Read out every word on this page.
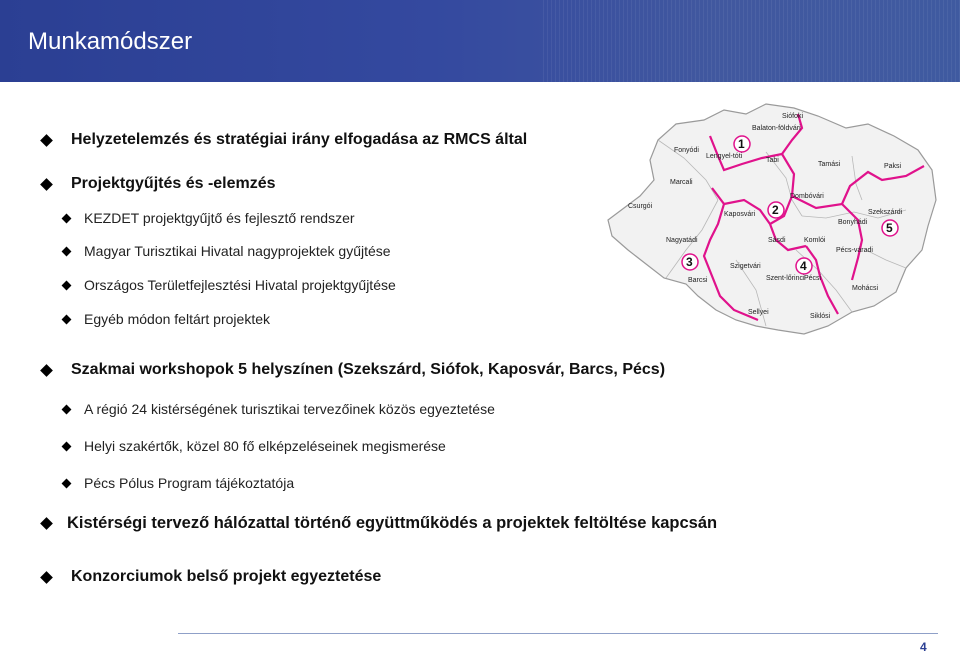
Munkamódszer
Helyzetelemzés és stratégiai irány elfogadása az RMCS által
Projektgyűjtés és -elemzés
KEZDET projektgyűjtő és fejlesztő rendszer
Magyar Turisztikai Hivatal nagyprojektek gyűjtése
Országos Területfejlesztési Hivatal projektgyűjtése
Egyéb módon feltárt projektek
Szakmai workshopok 5 helyszínen (Szekszárd, Siófok, Kaposvár, Barcs, Pécs)
A régió 24 kistérségének turisztikai tervezőinek közös egyeztetése
Helyi szakértők, közel 80 fő elképzeléseinek megismerése
Pécs Pólus Program tájékoztatója
Kistérségi tervező hálózattal történő együttműködés a projektek feltöltése kapcsán
Konzorciumok belső projekt egyeztetése
1
2
3	4
5
Fonyódi
Balaton-földvári
Siófoki
Lengyel-tóti
Tabi
Tamási	Paksi
Marcali
Dombóvári
Csurgói
Kaposvári
Bonyhádi
Szekszárdi
Nagyatádi	Sásdi	Komlói
Pécs-váradi
Szigetvári
Barcsi	Szent-lőrinci Pécsi
Mohácsi
Sellyei
Siklósi
4
